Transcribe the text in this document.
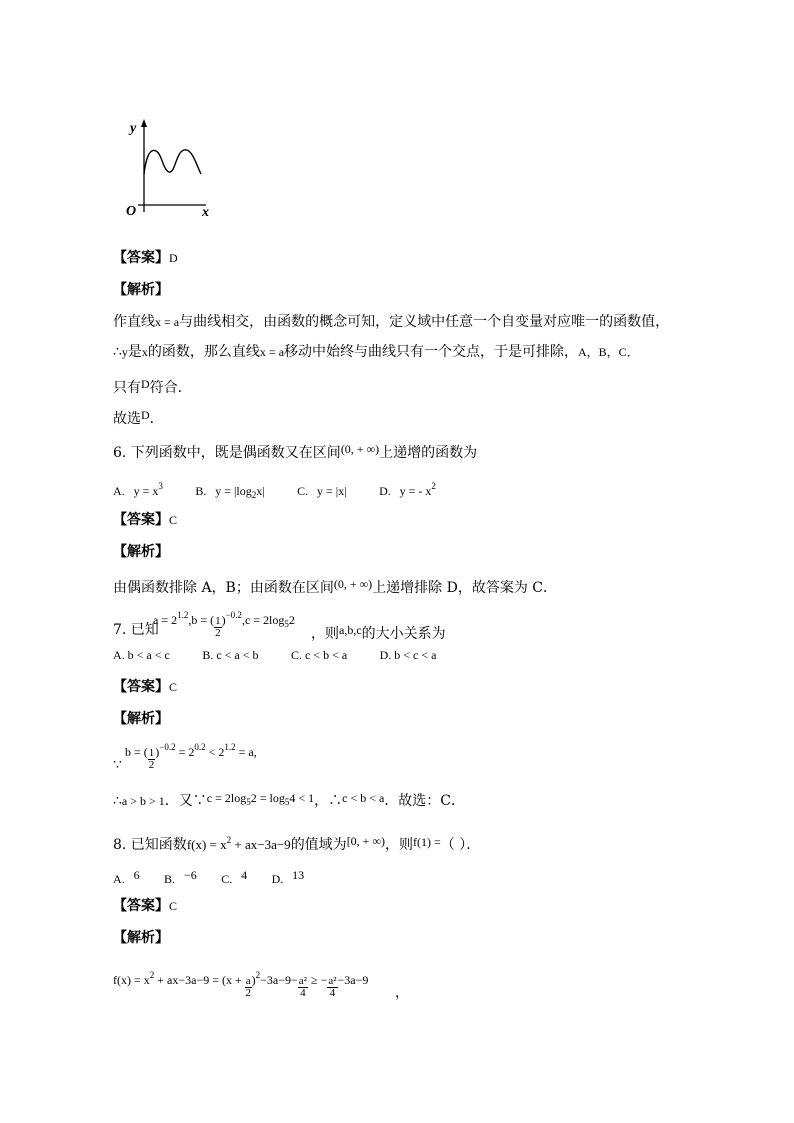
y
O	x
【答案】D
【解析】
作直线x = a与曲线相交，由函数的概念可知，定义域中任意一个自变量对应唯一的函数值，
∴y是x的函数，那么直线x = a移动中始终与曲线只有一个交点，于是可排除，A，B，C．
只有D符合．
故选D．
6. 下列函数中，既是偶函数又在区间(0, + ∞)上递增的函数为
A. $y = x^3$	B. $y = |\log_2x|$	C. y = |x|	D. y = - $x^2$
【答案】C
【解析】
由偶函数排除 A，B；由函数在区间(0, + ∞)上递增排除 D，故答案为 C．
7. 已知
$a = 2^{1.2},b$ = ( $\frac{1}{2} )^{-0.2},c = 2\log_52$
，则a,b,c的大小关系为
A. b < a < c	B. c < a < b	C. c < b < a	D. b < c < a
【答案】C
【解析】
∵
b = ( $\frac{1}{2} )^{-0.2} = 2^{0.2} < 2^{1.2} = a$,
∴a > b > 1．又∵c = $2\log_52 = \log_54 < 1$，∴c < b < a．故选：C．
8. 已知函数$f(x) = x^2 + ax-3a-9$的值域为[0, + ∞)，则f(1) =（ ）．
A. 6 B. −6 C. 4 D. 13
【答案】C
【解析】
$f(x) = x^2 + ax-3a-9 = (x + \frac{a}{2} )^2-3a-9- \frac{\text{a²}}{4}$ ≥ − $\frac{\text{a²}}{4} -3a-9$
，
